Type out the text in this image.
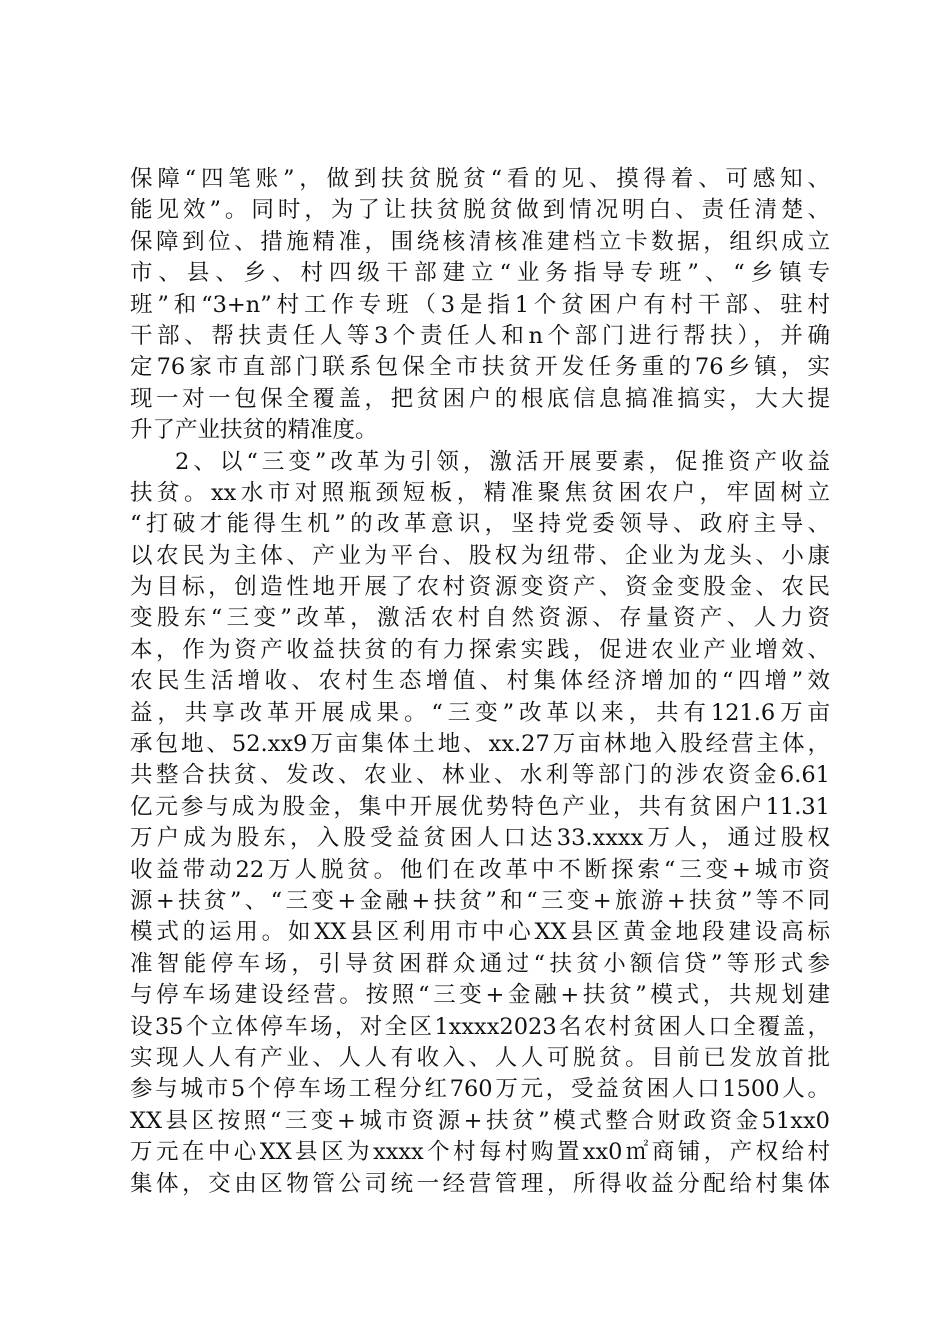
保障“四笔账”，做到扶贫脱贫“看的见、摸得着、可感知、
能见效”。同时，为了让扶贫脱贫做到情况明白、责任清楚、
保障到位、措施精准，围绕核清核准建档立卡数据，组织成立
市、县、乡、村四级干部建立“业务指导专班”、“乡镇专
班”和“3+n”村工作专班（3是指1个贫困户有村干部、驻村
干部、帮扶责任人等3个责任人和n个部门进行帮扶），并确
定76家市直部门联系包保全市扶贫开发任务重的76乡镇，实
现一对一包保全覆盖，把贫困户的根底信息搞准搞实，大大提
升了产业扶贫的精准度。
2、以“三变”改革为引领，激活开展要素，促推资产收益
扶贫。xx水市对照瓶颈短板，精准聚焦贫困农户，牢固树立
“打破才能得生机”的改革意识，坚持党委领导、政府主导、
以农民为主体、产业为平台、股权为纽带、企业为龙头、小康
为目标，创造性地开展了农村资源变资产、资金变股金、农民
变股东“三变”改革，激活农村自然资源、存量资产、人力资
本，作为资产收益扶贫的有力探索实践，促进农业产业增效、
农民生活增收、农村生态增值、村集体经济增加的“四增”效
益，共享改革开展成果。“三变”改革以来，共有121.6万亩
承包地、52.xx9万亩集体土地、xx.27万亩林地入股经营主体，
共整合扶贫、发改、农业、林业、水利等部门的涉农资金6.61
亿元参与成为股金，集中开展优势特色产业，共有贫困户11.31
万户成为股东，入股受益贫困人口达33.xxxx万人，通过股权
收益带动22万人脱贫。他们在改革中不断探索“三变+城市资
源+扶贫”、“三变+金融+扶贫”和“三变+旅游+扶贫”等不同
模式的运用。如XX县区利用市中心XX县区黄金地段建设高标
准智能停车场，引导贫困群众通过“扶贫小额信贷”等形式参
与停车场建设经营。按照“三变+金融+扶贫”模式，共规划建
设35个立体停车场，对全区1xxxx2023名农村贫困人口全覆盖，
实现人人有产业、人人有收入、人人可脱贫。目前已发放首批
参与城市5个停车场工程分红760万元，受益贫困人口1500人。
XX县区按照“三变+城市资源+扶贫”模式整合财政资金51xx0
万元在中心XX县区为xxxx个村每村购置xx0㎡商铺，产权给村
集体，交由区物管公司统一经营管理，所得收益分配给村集体
